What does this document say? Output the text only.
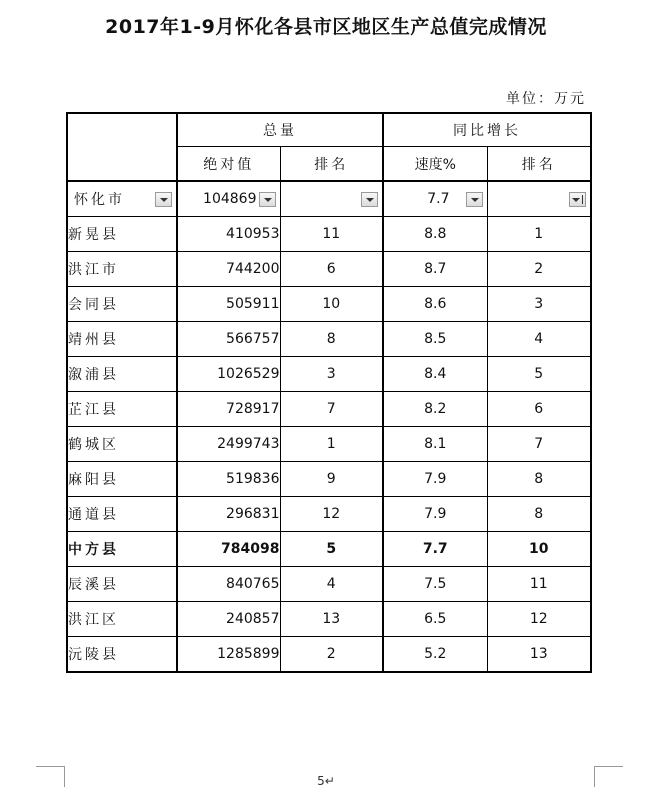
2017年1-9月怀化各县市区地区生产总值完成情况
单位：万元
	总量		同比增长	
	绝对值	排名	速度%	排名

怀化市	104869		7.7	

新晃县	410953	11	8.8	1
洪江市	744200	6	8.7	2
会同县	505911	10	8.6	3
靖州县	566757	8	8.5	4
溆浦县	1026529	3	8.4	5
芷江县	728917	7	8.2	6
鹤城区	2499743	1	8.1	7
麻阳县	519836	9	7.9	8
通道县	296831	12	7.9	8
中方县	784098	5	7.7	10
辰溪县	840765	4	7.5	11
洪江区	240857	13	6.5	12
沅陵县	1285899	2	5.2	13
5↵
